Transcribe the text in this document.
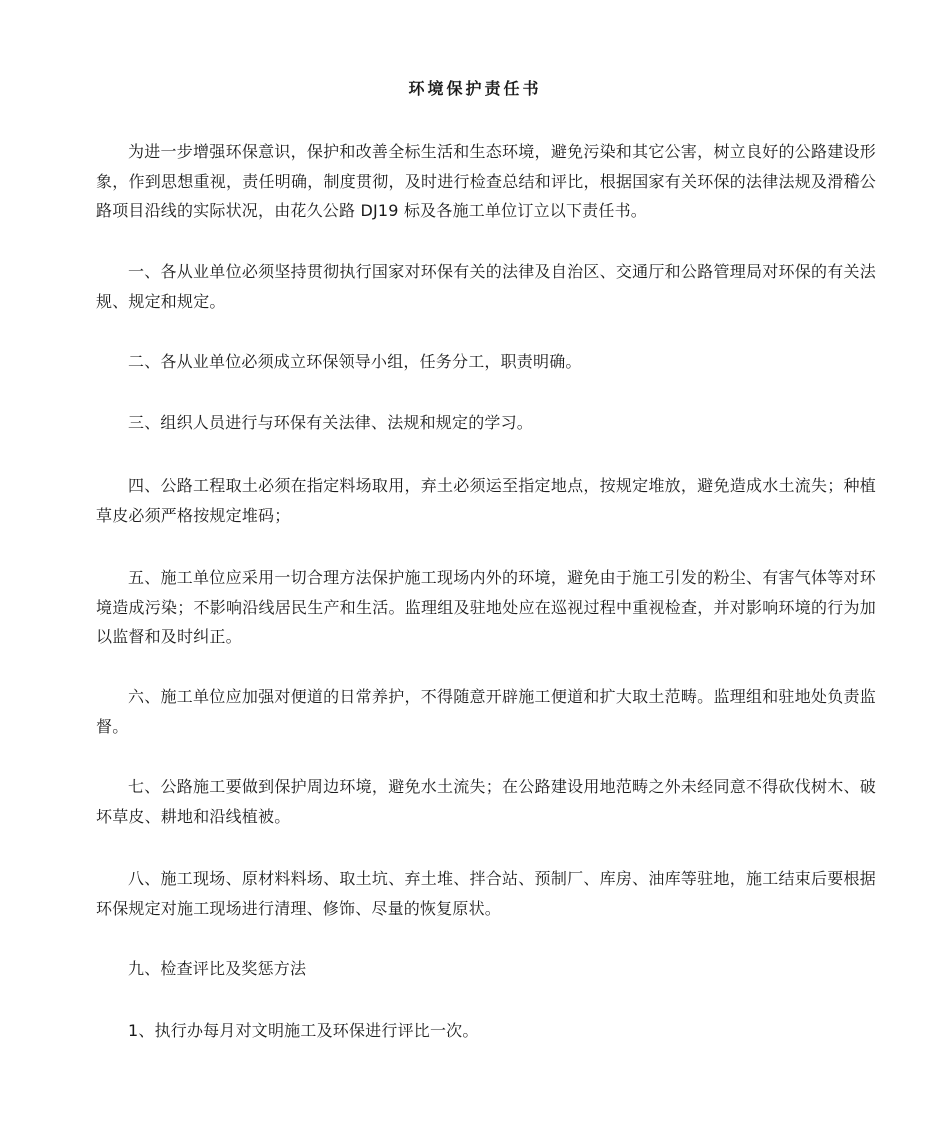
环境保护责任书

为进一步增强环保意识，保护和改善全标生活和生态环境，避免污染和其它公害，树立良好的公路建设形象，作到思想重视，责任明确，制度贯彻，及时进行检查总结和评比，根据国家有关环保的法律法规及滑稽公路项目沿线的实际状况，由花久公路 DJ19 标及各施工单位订立以下责任书。

一、各从业单位必须坚持贯彻执行国家对环保有关的法律及自治区、交通厅和公路管理局对环保的有关法规、规定和规定。

二、各从业单位必须成立环保领导小组，任务分工，职责明确。

三、组织人员进行与环保有关法律、法规和规定的学习。

四、公路工程取土必须在指定料场取用，弃土必须运至指定地点，按规定堆放，避免造成水土流失；种植草皮必须严格按规定堆码；

五、施工单位应采用一切合理方法保护施工现场内外的环境，避免由于施工引发的粉尘、有害气体等对环境造成污染；不影响沿线居民生产和生活。监理组及驻地处应在巡视过程中重视检查，并对影响环境的行为加以监督和及时纠正。

六、施工单位应加强对便道的日常养护，不得随意开辟施工便道和扩大取土范畴。监理组和驻地处负责监督。

七、公路施工要做到保护周边环境，避免水土流失；在公路建设用地范畴之外未经同意不得砍伐树木、破坏草皮、耕地和沿线植被。

八、施工现场、原材料料场、取土坑、弃土堆、拌合站、预制厂、库房、油库等驻地，施工结束后要根据环保规定对施工现场进行清理、修饰、尽量的恢复原状。

九、检查评比及奖惩方法

1、执行办每月对文明施工及环保进行评比一次。
